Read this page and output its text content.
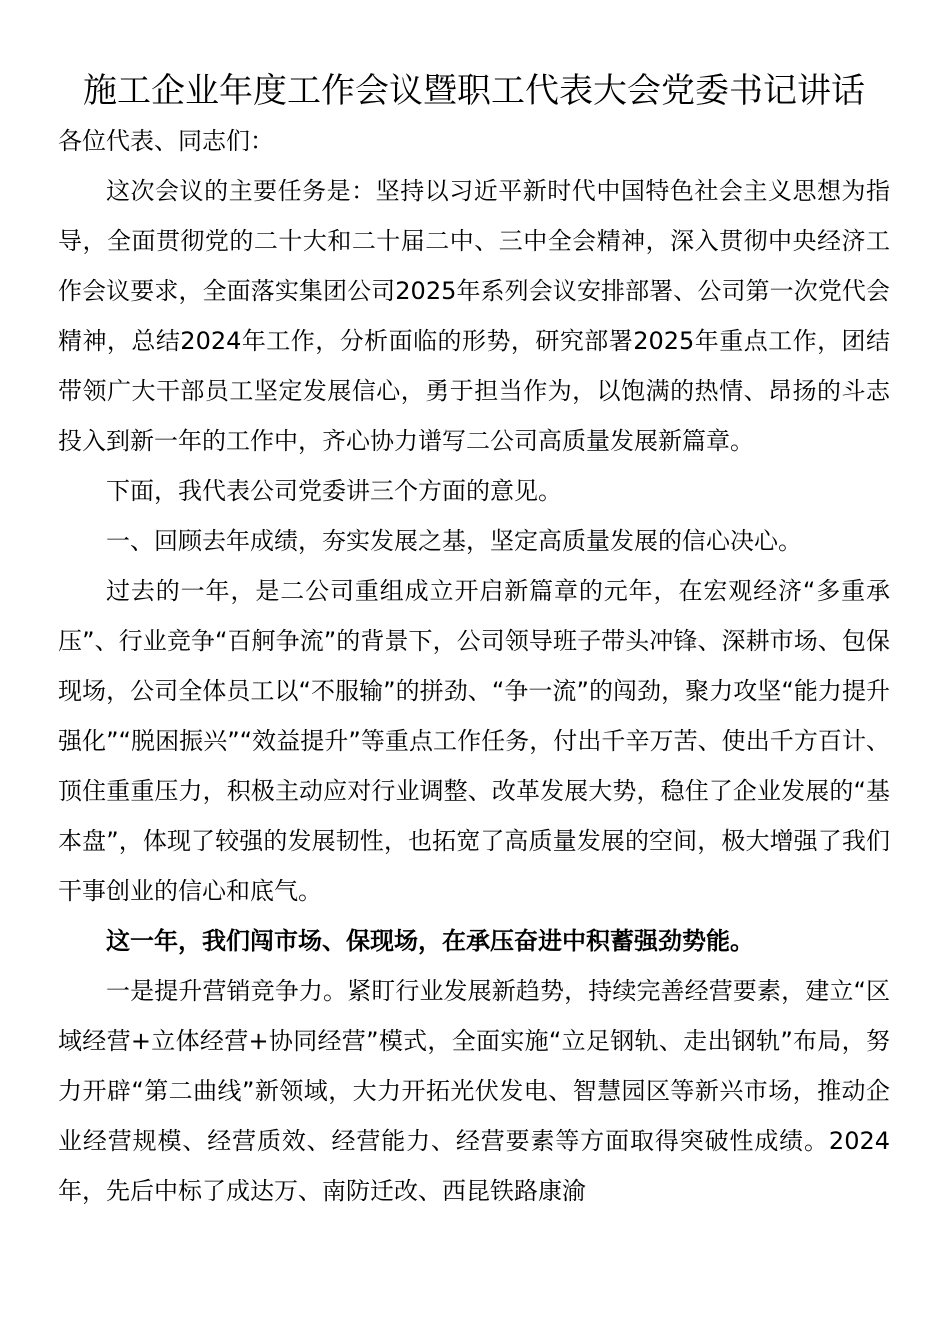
施工企业年度工作会议暨职工代表大会党委书记讲话

各位代表、同志们：

这次会议的主要任务是：坚持以习近平新时代中国特色社会主义思想为指导，全面贯彻党的二十大和二十届二中、三中全会精神，深入贯彻中央经济工作会议要求，全面落实集团公司2025年系列会议安排部署、公司第一次党代会精神，总结2024年工作，分析面临的形势，研究部署2025年重点工作，团结带领广大干部员工坚定发展信心，勇于担当作为，以饱满的热情、昂扬的斗志投入到新一年的工作中，齐心协力谱写二公司高质量发展新篇章。

下面，我代表公司党委讲三个方面的意见。

一、回顾去年成绩，夯实发展之基，坚定高质量发展的信心决心。

过去的一年，是二公司重组成立开启新篇章的元年，在宏观经济“多重承压”、行业竞争“百舸争流”的背景下，公司领导班子带头冲锋、深耕市场、包保现场，公司全体员工以“不服输”的拼劲、“争一流”的闯劲，聚力攻坚“能力提升强化”“脱困振兴”“效益提升”等重点工作任务，付出千辛万苦、使出千方百计、顶住重重压力，积极主动应对行业调整、改革发展大势，稳住了企业发展的“基本盘”，体现了较强的发展韧性，也拓宽了高质量发展的空间，极大增强了我们干事创业的信心和底气。

这一年，我们闯市场、保现场，在承压奋进中积蓄强劲势能。

一是提升营销竞争力。紧盯行业发展新趋势，持续完善经营要素，建立“区域经营+立体经营+协同经营”模式，全面实施“立足钢轨、走出钢轨”布局，努力开辟“第二曲线”新领域，大力开拓光伏发电、智慧园区等新兴市场，推动企业经营规模、经营质效、经营能力、经营要素等方面取得突破性成绩。2024年，先后中标了成达万、南防迁改、西昆铁路康渝
